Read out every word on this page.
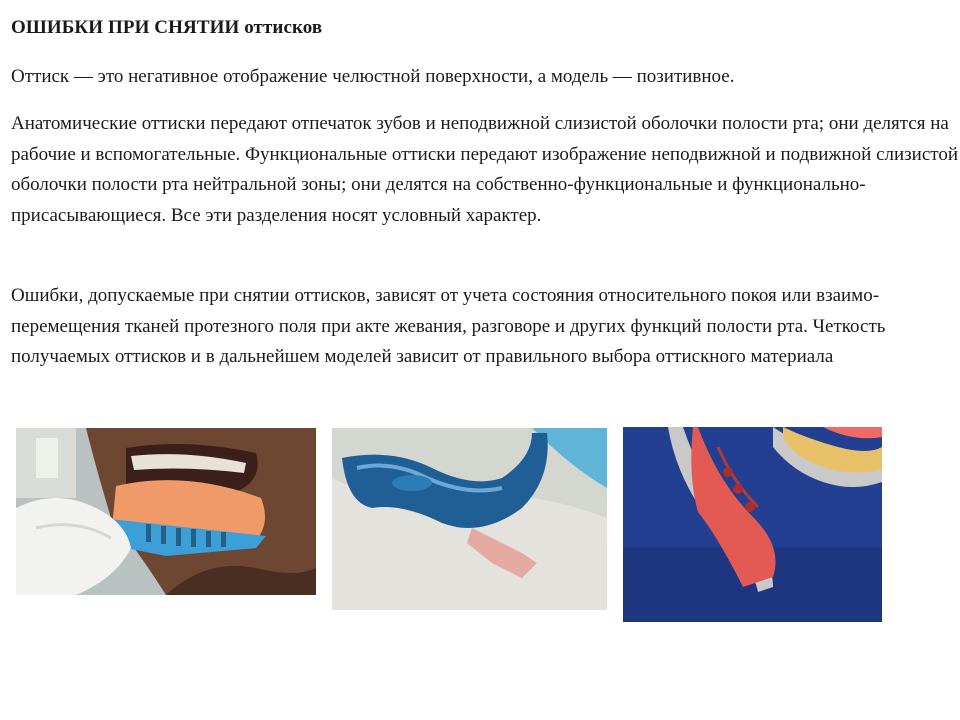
ОШИБКИ ПРИ СНЯТИИ оттисков

Оттиск — это негативное отображение челюстной поверхности, а модель — позитивное.

Анатомические оттиски передают отпечаток зубов и неподвижной слизистой оболочки полости рта; они делятся на рабочие и вспомогательные. Функциональные оттиски передают изображение неподвижной и подвижной слизистой оболочки полости рта нейтральной зоны; они делятся на собственно-функциональные и функционально-присасывающиеся. Все эти разделения носят условный характер.

Ошибки, допускаемые при снятии оттисков, зависят от учета состояния относительного покоя или взаимо- перемещения тканей протезного поля при акте жевания, разговоре и других функций полости рта. Четкость получаемых оттисков и в дальнейшем моделей зависит от правильного выбора оттискного материала
